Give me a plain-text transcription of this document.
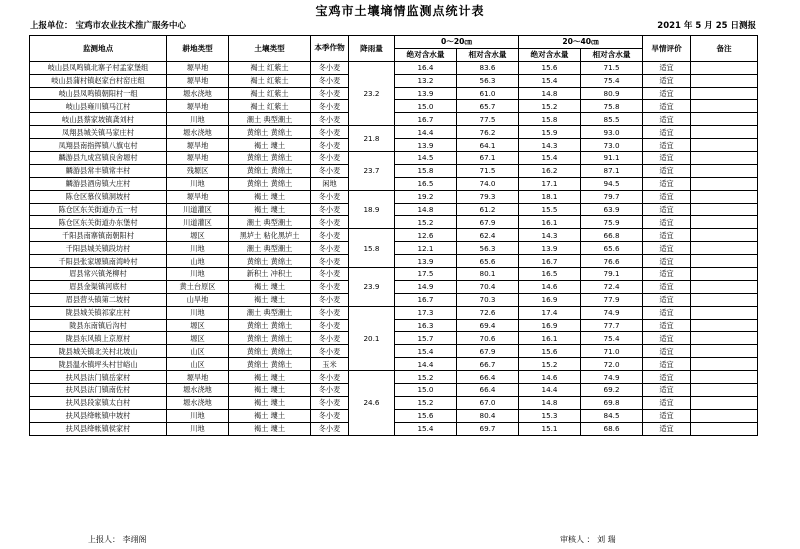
宝鸡市土壤墒情监测点统计表
上报单位： 宝鸡市农业技术推广服务中心	2021 年 5 月 25 日测报
监测地点	耕地类型	土壤类型	本季作物	降雨量	0～20㎝		20～40㎝		旱情评价	备注
					绝对含水量	相对含水量	绝对含水量	相对含水量		
岐山县凤鸣镇北寨子村孟家堡组	塬旱地	褐土 红紫土	冬小麦	23.2	16.4	83.6	15.6	71.5	适宜	
岐山县蒲村镇赵家台村窑庄组	塬旱地	褐土 红紫土	冬小麦		13.2	56.3	15.4	75.4	适宜	
岐山县凤鸣镇朝阳村一组	塬水浇地	褐土 红紫土	冬小麦		13.9	61.0	14.8	80.9	适宜	
岐山县雍川镇马江村	塬旱地	褐土 红紫土	冬小麦		15.0	65.7	15.2	75.8	适宜	
岐山县蔡家坡镇龚刘村	川地	潮土 典型潮土	冬小麦		16.7	77.5	15.8	85.5	适宜	
凤翔县城关镇马家庄村	塬水浇地	黄绵土 黄绵土	冬小麦	21.8	14.4	76.2	15.9	93.0	适宜	
凤翔县南指挥镇八旗屯村	塬旱地	褐土 塿土	冬小麦		13.9	64.1	14.3	73.0	适宜	
麟游县九成宫镇良舍塬村	塬旱地	黄绵土 黄绵土	冬小麦	23.7	14.5	67.1	15.4	91.1	适宜	
麟游县常丰镇常丰村	残塬区	黄绵土 黄绵土	冬小麦		15.8	71.5	16.2	87.1	适宜	
麟游县酒房镇大庄村	川地	黄绵土 黄绵土	闲地		16.5	74.0	17.1	94.5	适宜	
陈仓区慕仪镇洞坡村	塬旱地	褐土 塿土	冬小麦	18.9	19.2	79.3	18.1	79.7	适宜	
陈仓区东关街道办五一村	川道灌区	褐土 塿土	冬小麦		14.8	61.2	15.5	63.9	适宜	
陈仓区东关街道办东堡村	川道灌区	潮土 典型潮土	冬小麦		15.2	67.9	16.1	75.9	适宜	
千阳县南寨镇南朝阳村	塬区	黑垆土 粘化黑垆土	冬小麦	15.8	12.6	62.4	14.3	66.8	适宜	
千阳县城关镇段坊村	川地	潮土 典型潮土	冬小麦		12.1	56.3	13.9	65.6	适宜	
千阳县张家塬镇南湾岭村	山地	黄绵土 黄绵土	冬小麦		13.9	65.6	16.7	76.6	适宜	
眉县常兴镇尧柳村	川地	新积土 冲积土	冬小麦	23.9	17.5	80.1	16.5	79.1	适宜	
眉县金渠镇河底村	黄土台原区	褐土 塿土	冬小麦		14.9	70.4	14.6	72.4	适宜	
眉县营头镇第二坡村	山旱地	褐土 塿土	冬小麦		16.7	70.3	16.9	77.9	适宜	
陇县城关镇祁家庄村	川地	潮土 典型潮土	冬小麦	20.1	17.3	72.6	17.4	74.9	适宜	
陇县东南镇后沟村	塬区	黄绵土 黄绵土	冬小麦		16.3	69.4	16.9	77.7	适宜	
陇县东风镇上京原村	塬区	黄绵土 黄绵土	冬小麦		15.7	70.6	16.1	75.4	适宜	
陇县城关镇北关村北坡山	山区	黄绵土 黄绵土	冬小麦		15.4	67.9	15.6	71.0	适宜	
陇县温水镇坪头村甘峪山	山区	黄绵土 黄绵土	玉米		14.4	66.7	15.2	72.0	适宜	
扶风县法门镇岳家村	塬旱地	褐土 塿土	冬小麦	24.6	15.2	66.4	14.6	74.9	适宜	
扶风县法门镇南佐村	塬水浇地	褐土 塿土	冬小麦		15.0	66.4	14.4	69.2	适宜	
扶风县段家镇太白村	塬水浇地	褐土 塿土	冬小麦		15.2	67.0	14.8	69.8	适宜	
扶风县绛帐镇中坡村	川地	褐土 塿土	冬小麦		15.6	80.4	15.3	84.5	适宜	
扶风县绛帐镇侯家村	川地	褐土 塿土	冬小麦		15.4	69.7	15.1	68.6	适宜	
上报人： 李翊阁	审核人 ： 刘 瑞
